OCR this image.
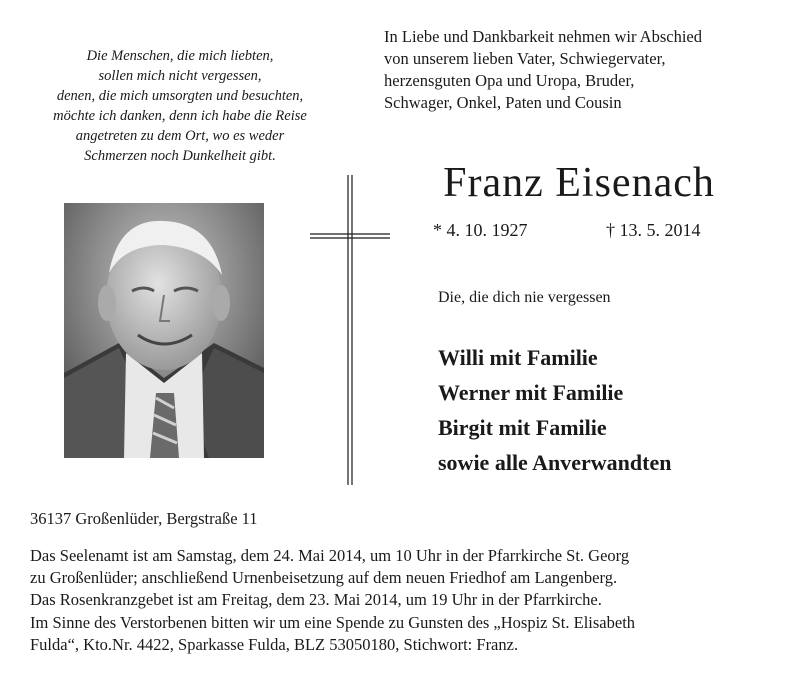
Die Menschen, die mich liebten,
sollen mich nicht vergessen,
denen, die mich umsorgten und besuchten,
möchte ich danken, denn ich habe die Reise
angetreten zu dem Ort, wo es weder
Schmerzen noch Dunkelheit gibt.
In Liebe und Dankbarkeit nehmen wir Abschied
von unserem lieben Vater, Schwiegervater,
herzensguten Opa und Uropa, Bruder,
Schwager, Onkel, Paten und Cousin
Franz Eisenach
* 4. 10. 1927	† 13. 5. 2014
Die, die dich nie vergessen
Willi mit Familie
Werner mit Familie
Birgit mit Familie
sowie alle Anverwandten
36137 Großenlüder, Bergstraße 11
Das Seelenamt ist am Samstag, dem 24. Mai 2014, um 10 Uhr in der Pfarrkirche St. Georg
zu Großenlüder; anschließend Urnenbeisetzung auf dem neuen Friedhof am Langenberg.
Das Rosenkranzgebet ist am Freitag, dem 23. Mai 2014, um 19 Uhr in der Pfarrkirche.
Im Sinne des Verstorbenen bitten wir um eine Spende zu Gunsten des „Hospiz St. Elisabeth
Fulda“, Kto.Nr. 4422, Sparkasse Fulda, BLZ 53050180, Stichwort: Franz.
